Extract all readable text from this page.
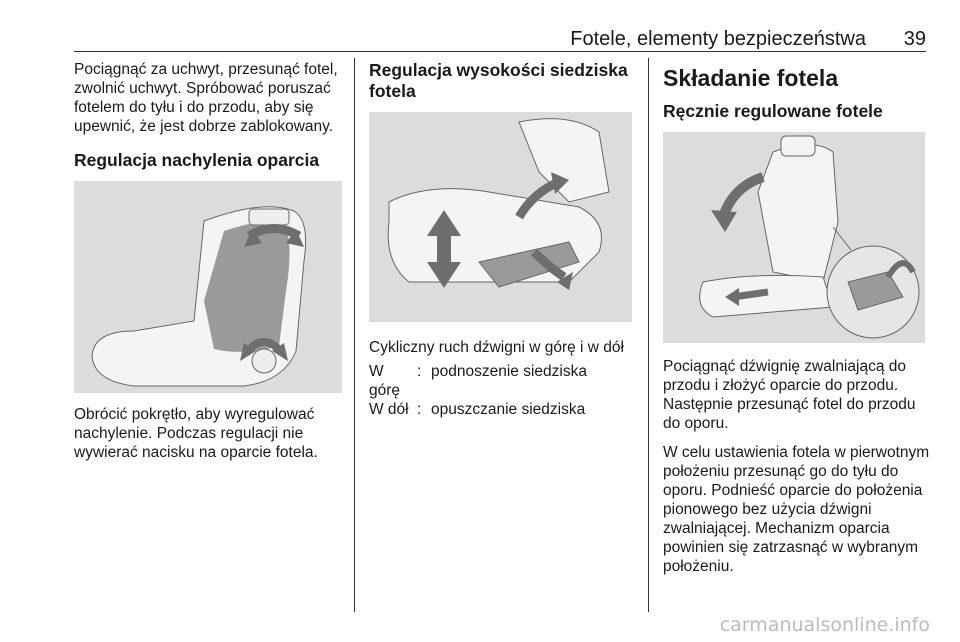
Fotele, elementy bezpieczeństwa 39

Pociągnąć za uchwyt, przesunąć fotel, zwolnić uchwyt. Spróbować poruszać fotelem do tyłu i do przodu, aby się upewnić, że jest dobrze zablokowany.

Regulacja nachylenia oparcia

Obrócić pokrętło, aby wyregulować nachylenie. Podczas regulacji nie wywierać nacisku na oparcie fotela.

Regulacja wysokości siedziska fotela

Cykliczny ruch dźwigni w górę i w dół

W górę
: podnoszenie siedziska
W dół : opuszczanie siedziska
Składanie fotela
Ręcznie regulowane fotele

Pociągnąć dźwignię zwalniającą do przodu i złożyć oparcie do przodu. Następnie przesunąć fotel do przodu do oporu.

W celu ustawienia fotela w pierwotnym położeniu przesunąć go do tyłu do oporu. Podnieść oparcie do położenia pionowego bez użycia dźwigni zwalniającej. Mechanizm oparcia powinien się zatrzasnąć w wybranym położeniu.

carmanualsonline.info
